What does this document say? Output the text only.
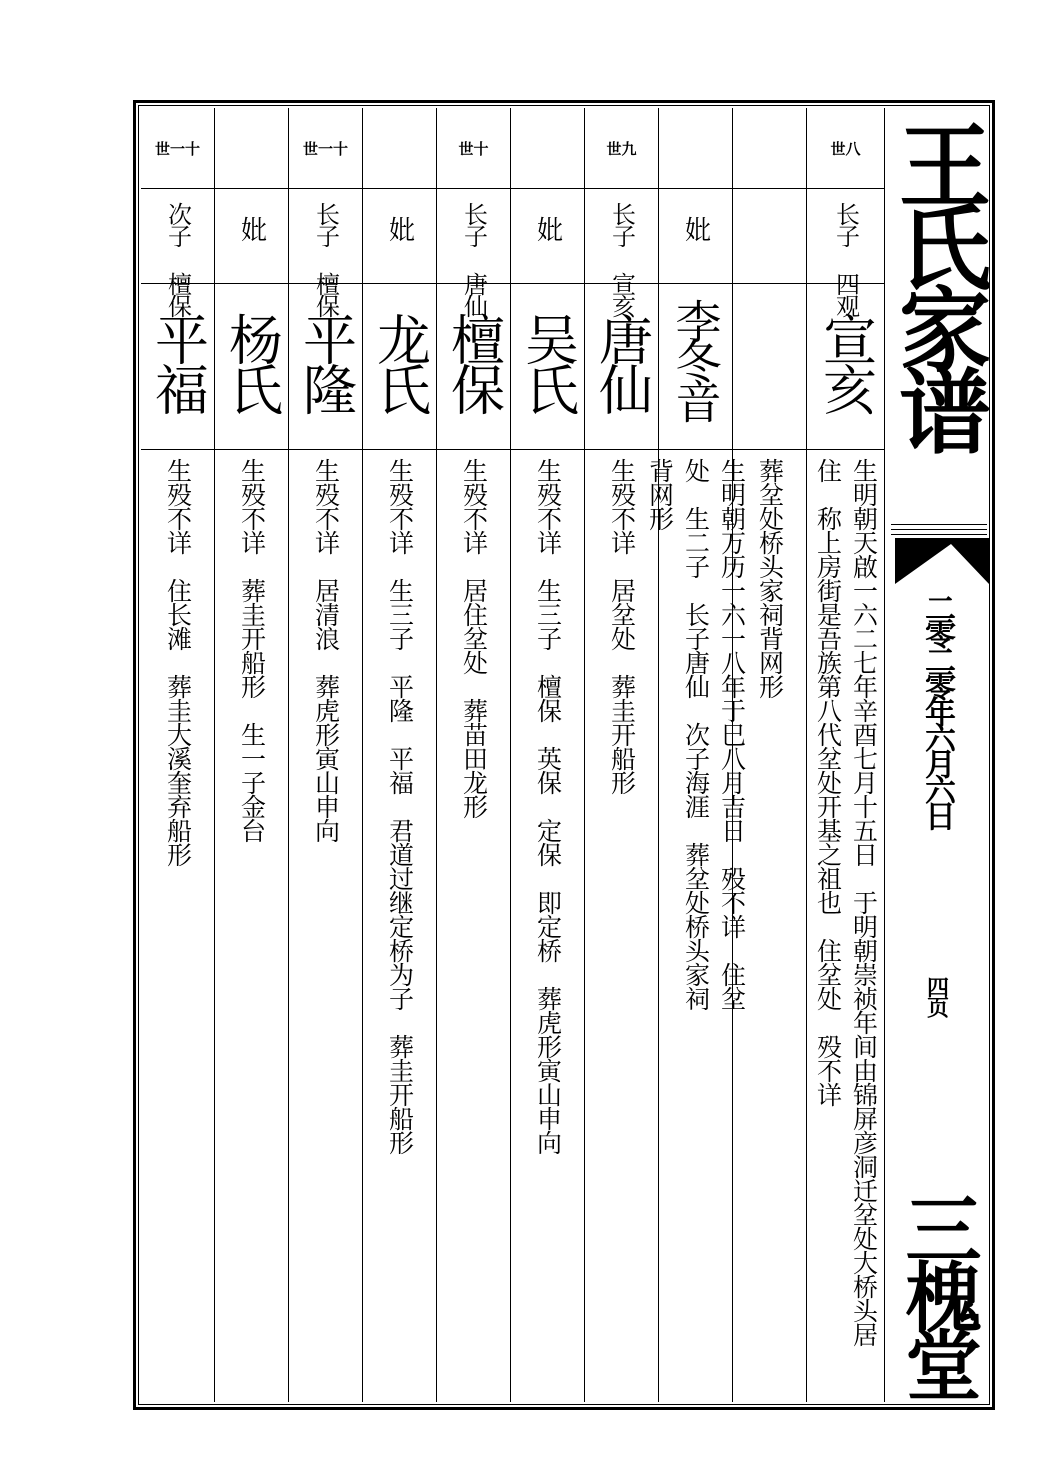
世一十
次子 檀保
平福
生殁不详　住长滩　葬圭大溪奎弃船形
妣
杨氏
生殁不详　葬圭开船形　生一子金台
世一十
长子 檀保
平隆
生殁不详　居清浪　葬虎形寅山申向
妣
龙氏
生殁不详　生三子　平隆　平福　君道过继定桥为子　葬圭开船形
世十
长子 唐仙
檀保
生殁不详　居住坌处　葬苗田龙形
妣
吴氏
生殁不详　生三子　檀保　英保　定保　即定桥　葬虎形寅山申向
世九
长子 宣亥
唐仙
生殁不详　居坌处　葬圭开船形
妣
李冬音
生明朝万历一六一八年于巳八月吉日　殁不详　住坌处　生二子　长子唐仙　次子海涯　葬坌处桥头家祠背网形	葬坌处桥头家祠背网形
世八
长子 四观
宣亥
生明朝天啟一六二七年辛酉七月十五日　于明朝崇祯年间由锦屏彦洞迁坌处大桥头居住　称上房街是吾族第八代坌处开基之祖也　住坌处　殁不详
王氏家谱
二零二零年六月六日
四页
三槐堂
